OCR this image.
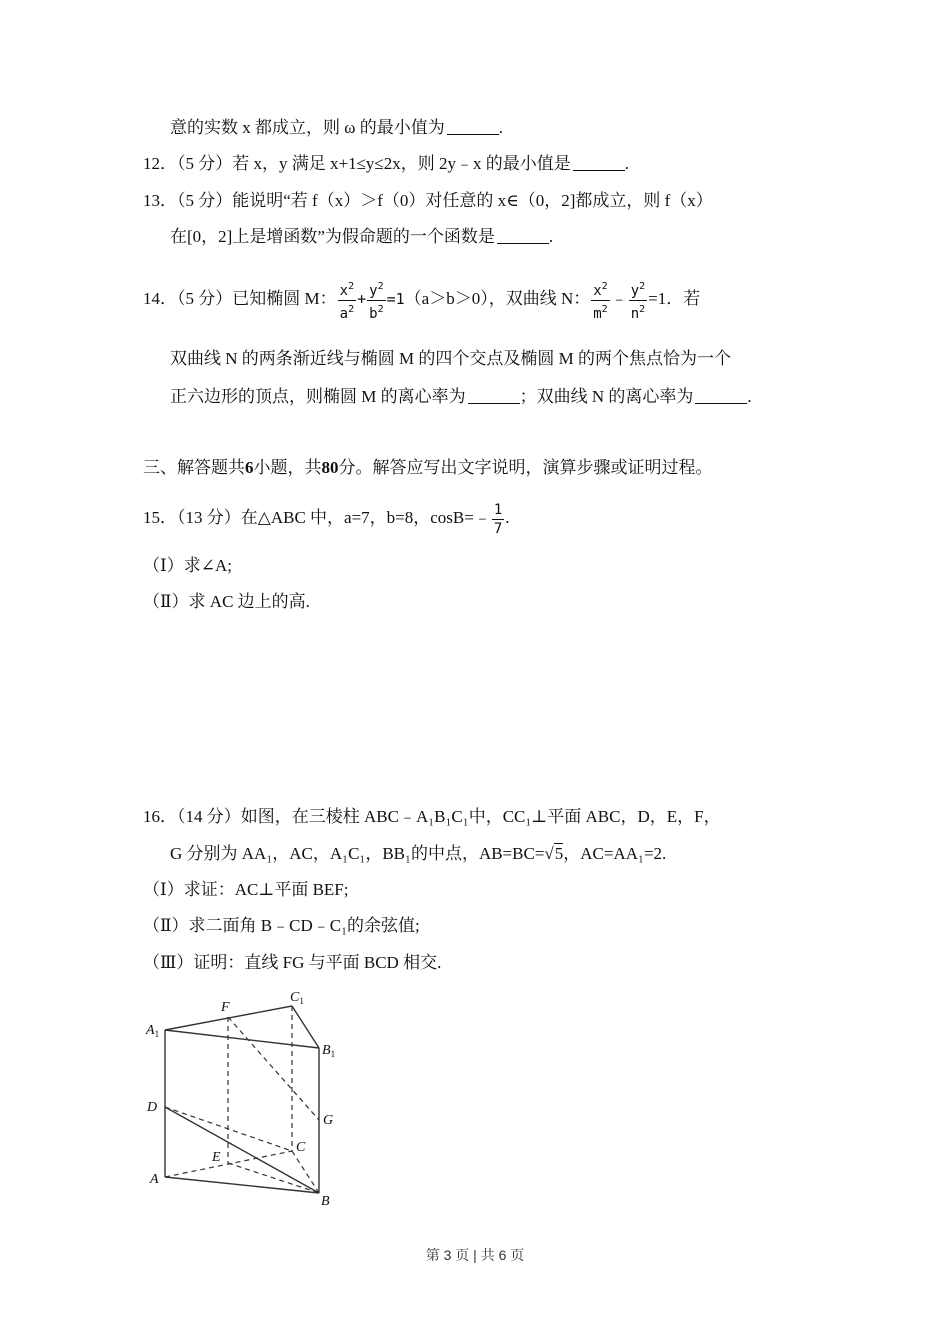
意的实数 x 都成立，则 ω 的最小值为	.
12．（5 分）若 x，y 满足 x+1≤y≤2x，则 2y﹣x 的最小值是	.
13．（5 分）能说明“若 f（x）＞f（0）对任意的 x∈（0，2]都成立，则 f（x）
在[0，2]上是增函数”为假命题的一个函数是	.
14．（5 分）已知椭圆 M： $\frac{x^2}{a^2} + \frac{y^2}{b^2} =1(a>b>0)$，双曲线 N： $\frac{x^2}{m^2}$ ﹣ $\frac{y^2}{n^2} =1$．若
双曲线 N 的两条渐近线与椭圆 M 的四个交点及椭圆 M 的两个焦点恰为一个
正六边形的顶点，则椭圆 M 的离心率为	；双曲线 N 的离心率为	.
三、解答题共6小题，共80分。解答应写出文字说明，演算步骤或证明过程。
15．（13 分）在△ABC 中，a=7，b=8，cosB=﹣ $\frac{1}{7}$ .
（Ⅰ）求∠A;
（Ⅱ）求 AC 边上的高.
16．（14 分）如图，在三棱柱 ABC﹣A₁B₁C₁中，CC₁⊥平面 ABC，D，E，F，
G 分别为 AA₁，AC，A₁C₁，BB₁的中点，AB=BC=√5，AC=AA₁=2.
（Ⅰ）求证：AC⊥平面 BEF;
（Ⅱ）求二面角 B﹣CD﹣C₁的余弦值;
（Ⅲ）证明：直线 FG 与平面 BCD 相交.
$A_1$
F
$C_1$
$B_1$
D
G
C
E
A
B
第 3 页 | 共 6 页
